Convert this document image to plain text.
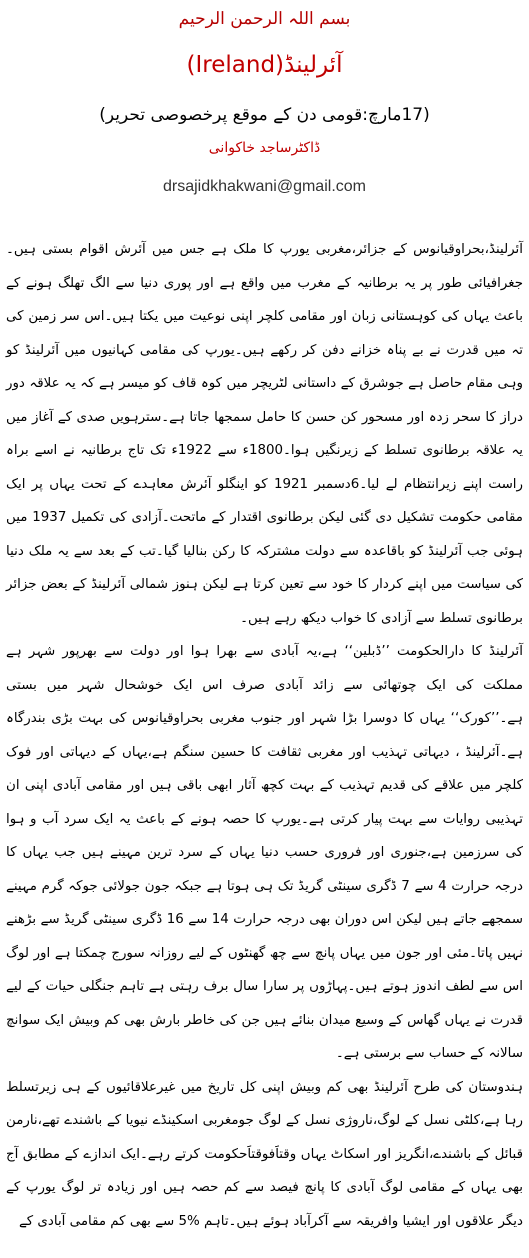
بسم اللہ الرحمن الرحیم
آئرلینڈ(Ireland)
(17مارچ:قومی دن کے موقع پرخصوصی تحریر)
ڈاکٹرساجد خاکوانی
drsajidkhakwani@gmail.com

آئرلینڈ،بحراوقیانوس کے جزائر،مغربی یورپ کا ملک ہے جس میں آئرش اقوام بستی ہیں۔جغرافیائی طور پر یہ برطانیہ کے مغرب میں واقع ہے اور پوری دنیا سے الگ تھلگ ہونے کے باعث یہاں کی کوہستانی زبان اور مقامی کلچر اپنی نوعیت میں یکتا ہیں۔اس سر زمین کی تہ میں قدرت نے بے پناہ خزانے دفن کر رکھے ہیں۔یورپ کی مقامی کہانیوں میں آئرلینڈ کو وہی مقام حاصل ہے جوشرق کے داستانی لٹریچر میں کوہ قاف کو میسر ہے کہ یہ علاقہ دور دراز کا سحر زدہ اور مسحور کن حسن کا حامل سمجھا جاتا ہے۔سترہویں صدی کے آغاز میں یہ علاقہ برطانوی تسلط کے زیرنگیں ہوا۔1800ء سے 1922ء تک تاج برطانیہ نے اسے براہ راست اپنے زیرانتظام لے لیا۔6دسمبر 1921 کو اینگلو آئرش معاہدے کے تحت یہاں پر ایک مقامی حکومت تشکیل دی گئی لیکن برطانوی اقتدار کے ماتحت۔آزادی کی تکمیل 1937 میں ہوئی جب آئرلینڈ کو باقاعدہ سے دولت مشترکہ کا رکن بنالیا گیا۔تب کے بعد سے یہ ملک دنیا کی سیاست میں اپنے کردار کا خود سے تعین کرتا ہے لیکن ہنوز شمالی آئرلینڈ کے بعض جزائر برطانوی تسلط سے آزادی کا خواب دیکھ رہے ہیں۔

آئرلینڈ کا دارالحکومت ’’ڈبلین‘‘ ہے،یہ آبادی سے بھرا ہوا اور دولت سے بھرپور شہر ہے مملکت کی ایک چوتھائی سے زائد آبادی صرف اس ایک خوشحال شہر میں بستی ہے۔’’کورک‘‘ یہاں کا دوسرا بڑا شہر اور جنوب مغربی بحراوقیانوس کی بہت بڑی بندرگاہ ہے۔آئرلینڈ ، دیہاتی تہذیب اور مغربی ثقافت کا حسین سنگم ہے،یہاں کے دیہاتی اور فوک کلچر میں علاقے کی قدیم تہذیب کے بہت کچھ آثار ابھی باقی ہیں اور مقامی آبادی اپنی ان تہذیبی روایات سے بہت پیار کرتی ہے۔یورپ کا حصہ ہونے کے باعث یہ ایک سرد آب و ہوا کی سرزمین ہے،جنوری اور فروری حسب دنیا یہاں کے سرد ترین مہینے ہیں جب یہاں کا درجہ حرارت 4 سے 7 ڈگری سینٹی گریڈ تک ہی ہوتا ہے جبکہ جون جولائی جوکہ گرم مہینے سمجھے جاتے ہیں لیکن اس دوران بھی درجہ حرارت 14 سے 16 ڈگری سینٹی گریڈ سے بڑھنے نہیں پاتا۔مئی اور جون میں یہاں پانچ سے چھ گھنٹوں کے لیے روزانہ سورج چمکتا ہے اور لوگ اس سے لطف اندوز ہوتے ہیں۔پہاڑوں پر سارا سال برف رہتی ہے تاہم جنگلی حیات کے لیے قدرت نے یہاں گھاس کے وسیع میدان بنائے ہیں جن کی خاطر بارش بھی کم وبیش ایک سوانچ سالانہ کے حساب سے برستی ہے۔

ہندوستان کی طرح آئرلینڈ بھی کم وبیش اپنی کل تاریخ میں غیرعلاقائیوں کے ہی زیرتسلط رہا ہے،کلٹی نسل کے لوگ،ناروژی نسل کے لوگ جومغربی اسکینڈے نیویا کے باشندے تھے،نارمن قبائل کے باشندے،انگریز اور اسکاٹ یہاں وقتاََفوقتاََحکومت کرتے رہے۔ایک اندازے کے مطابق آج بھی یہاں کے مقامی لوگ آبادی کا پانچ فیصد سے کم حصہ ہیں اور زیادہ تر لوگ یورپ کے دیگر علاقوں اور ایشیا وافریقہ سے آکرآباد ہوئے ہیں۔تاہم %5 سے بھی کم مقامی آبادی کے
